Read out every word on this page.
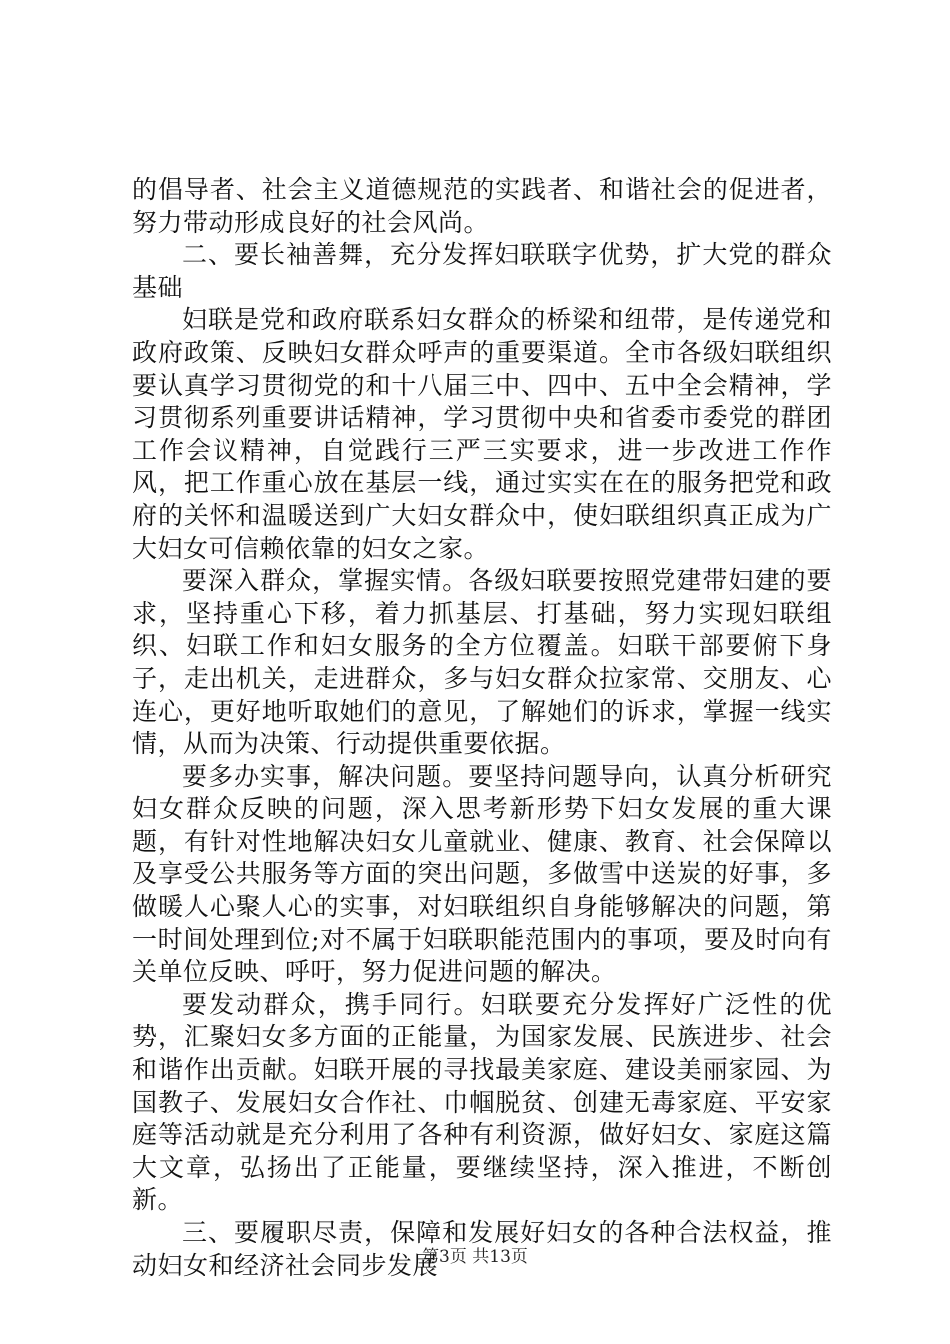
的倡导者、社会主义道德规范的实践者、和谐社会的促进者，努力带动形成良好的社会风尚。

二、要长袖善舞，充分发挥妇联联字优势，扩大党的群众基础

妇联是党和政府联系妇女群众的桥梁和纽带，是传递党和政府政策、反映妇女群众呼声的重要渠道。全市各级妇联组织要认真学习贯彻党的和十八届三中、四中、五中全会精神，学习贯彻系列重要讲话精神，学习贯彻中央和省委市委党的群团工作会议精神，自觉践行三严三实要求，进一步改进工作作风，把工作重心放在基层一线，通过实实在在的服务把党和政府的关怀和温暖送到广大妇女群众中，使妇联组织真正成为广大妇女可信赖依靠的妇女之家。

要深入群众，掌握实情。各级妇联要按照党建带妇建的要求，坚持重心下移，着力抓基层、打基础，努力实现妇联组织、妇联工作和妇女服务的全方位覆盖。妇联干部要俯下身子，走出机关，走进群众，多与妇女群众拉家常、交朋友、心连心，更好地听取她们的意见，了解她们的诉求，掌握一线实情，从而为决策、行动提供重要依据。

要多办实事，解决问题。要坚持问题导向，认真分析研究妇女群众反映的问题，深入思考新形势下妇女发展的重大课题，有针对性地解决妇女儿童就业、健康、教育、社会保障以及享受公共服务等方面的突出问题，多做雪中送炭的好事，多做暖人心聚人心的实事，对妇联组织自身能够解决的问题，第一时间处理到位;对不属于妇联职能范围内的事项，要及时向有关单位反映、呼吁，努力促进问题的解决。

要发动群众，携手同行。妇联要充分发挥好广泛性的优势，汇聚妇女多方面的正能量，为国家发展、民族进步、社会和谐作出贡献。妇联开展的寻找最美家庭、建设美丽家园、为国教子、发展妇女合作社、巾帼脱贫、创建无毒家庭、平安家庭等活动就是充分利用了各种有利资源，做好妇女、家庭这篇大文章，弘扬出了正能量，要继续坚持，深入推进，不断创新。

三、要履职尽责，保障和发展好妇女的各种合法权益，推动妇女和经济社会同步发展

第3页 共13页
